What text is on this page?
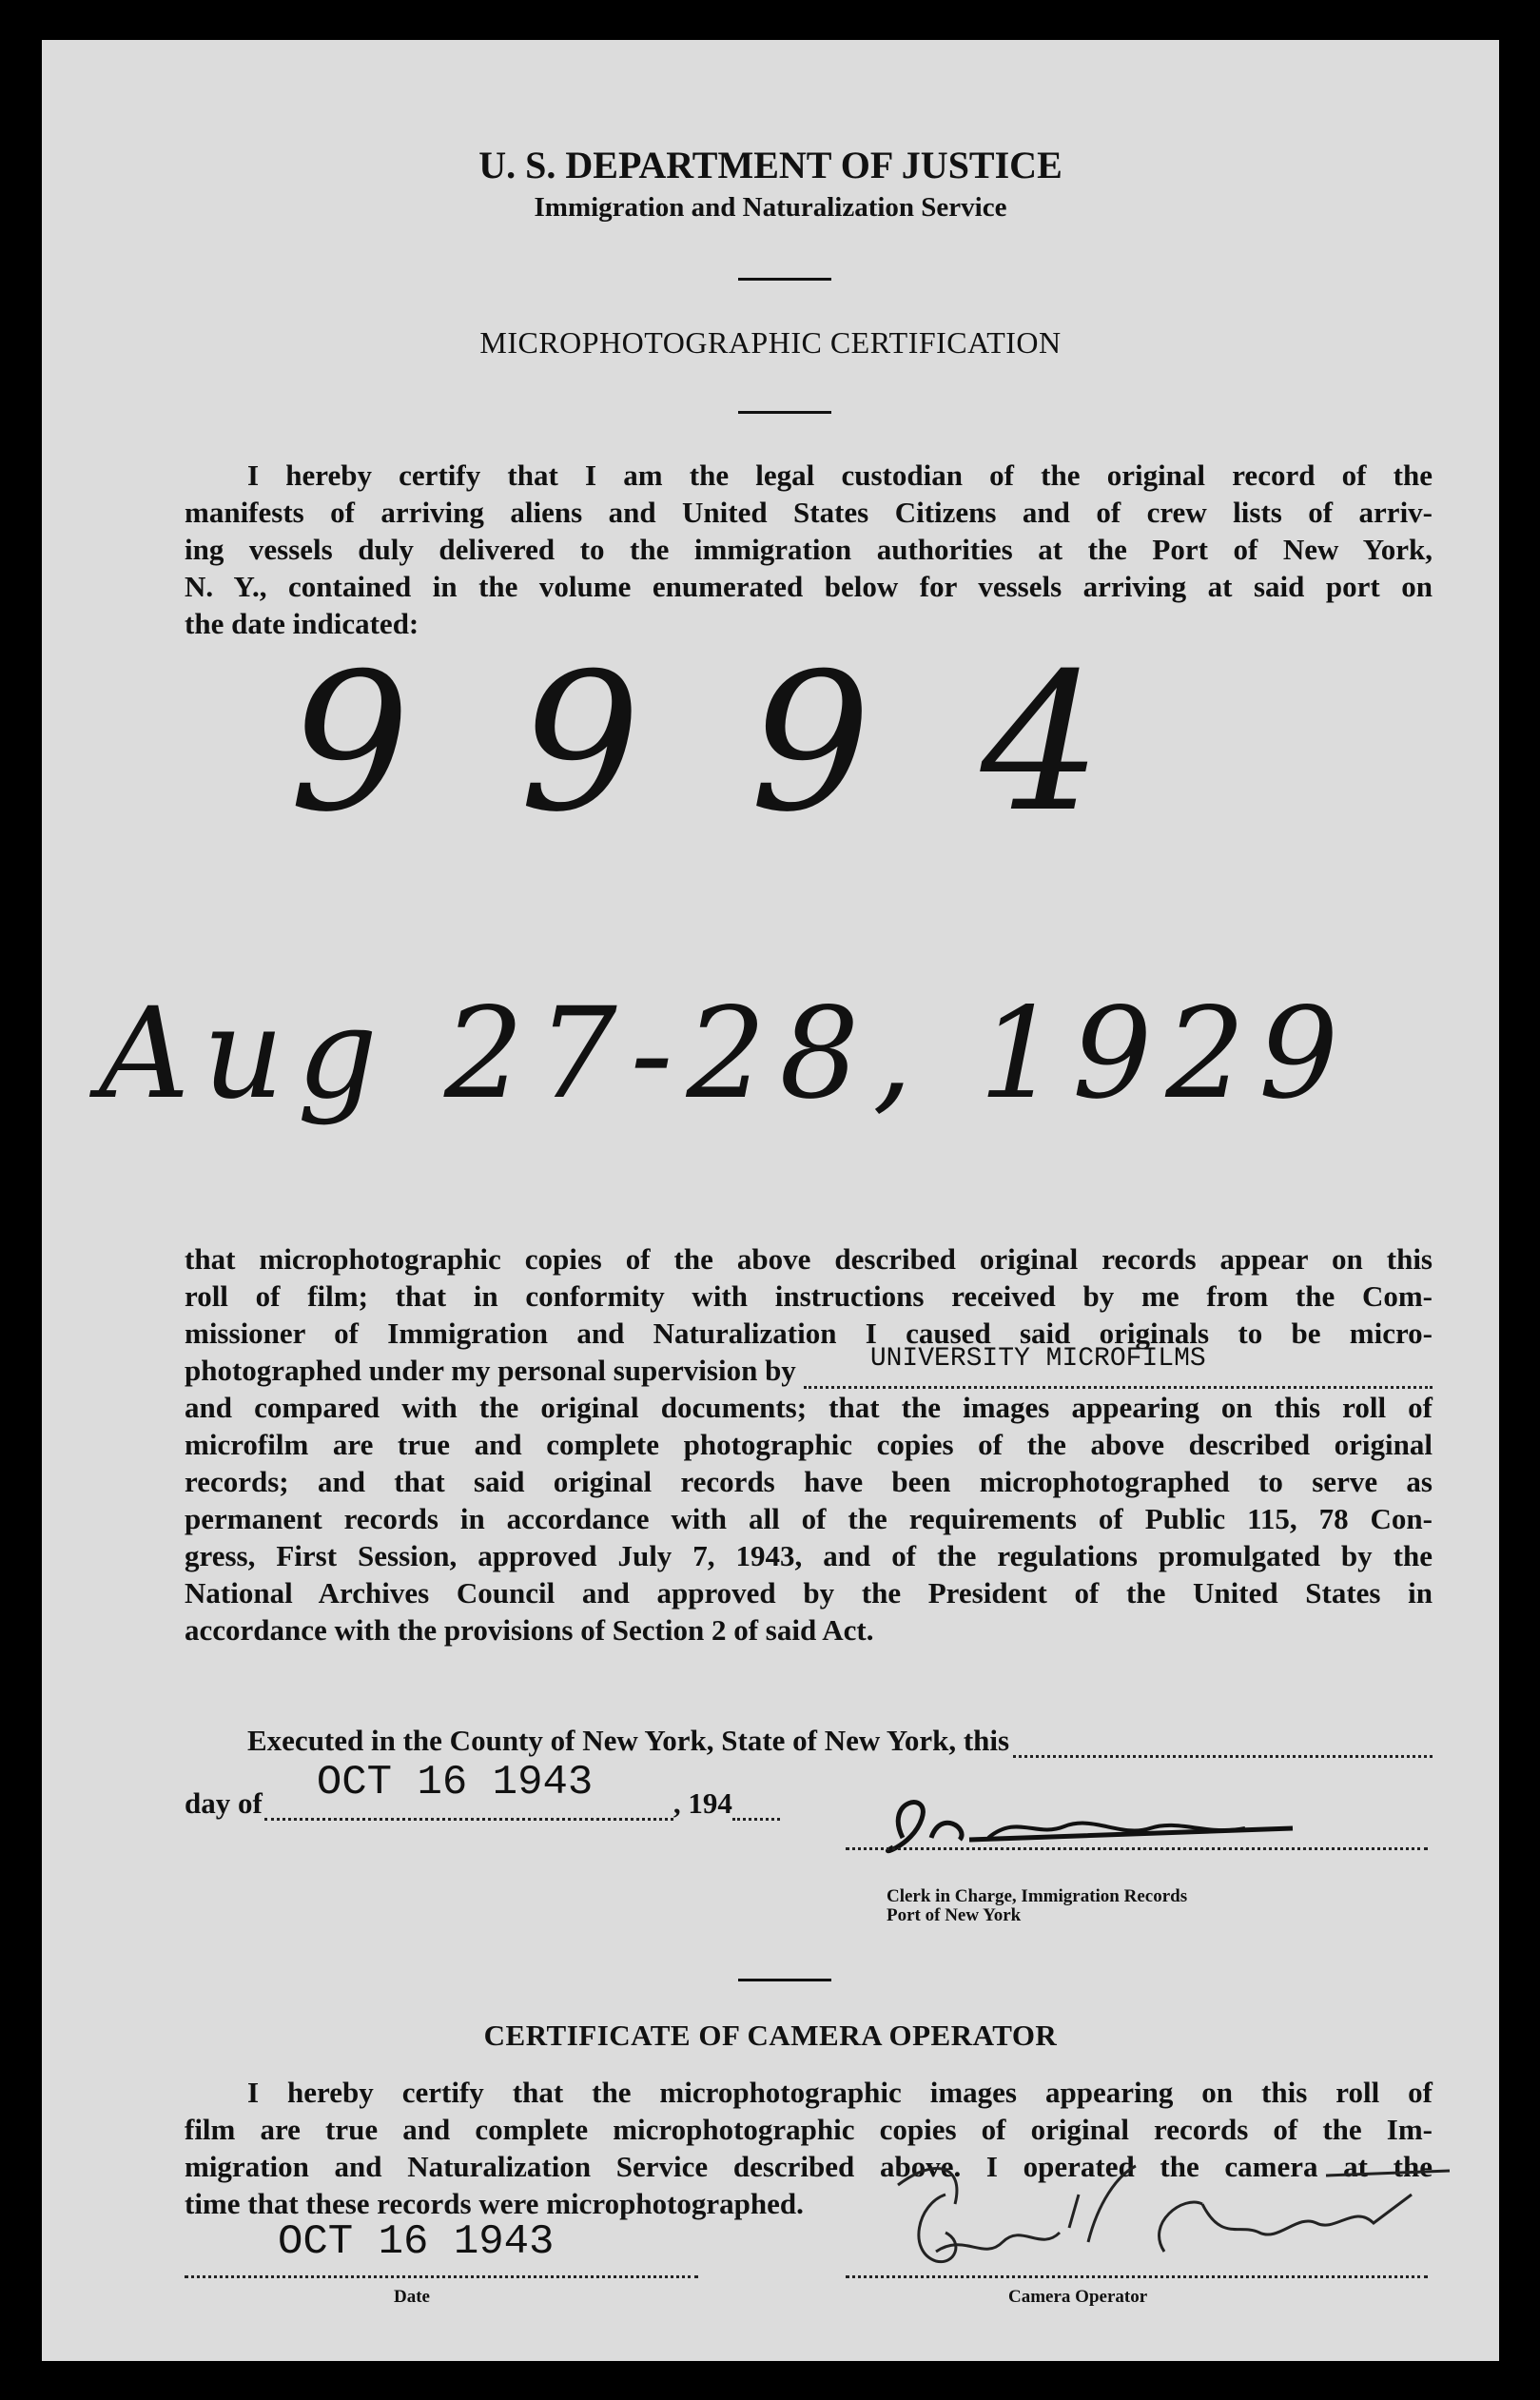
U. S. DEPARTMENT OF JUSTICE
Immigration and Naturalization Service
MICROPHOTOGRAPHIC CERTIFICATION
I hereby certify that I am the legal custodian of the original record of the
manifests of arriving aliens and United States Citizens and of crew lists of arriv-
ing vessels duly delivered to the immigration authorities at the Port of New York,
N. Y., contained in the volume enumerated below for vessels arriving at said port on
the date indicated:
9994
Aug 27-28, 1929
that microphotographic copies of the above described original records appear on this
roll of film; that in conformity with instructions received by me from the Com-
missioner of Immigration and Naturalization I caused said originals to be micro-
photographed under my personal supervision by	UNIVERSITY MICROFILMS
and compared with the original documents; that the images appearing on this roll of
microfilm are true and complete photographic copies of the above described original
records; and that said original records have been microphotographed to serve as
permanent records in accordance with all of the requirements of Public 115, 78 Con-
gress, First Session, approved July 7, 1943, and of the regulations promulgated by the
National Archives Council and approved by the President of the United States in
accordance with the provisions of Section 2 of said Act.
Executed in the County of New York, State of New York, this
day of OCT 16 1943	, 194
Clerk in Charge, Immigration Records
Port of New York
CERTIFICATE OF CAMERA OPERATOR
I hereby certify that the microphotographic images appearing on this roll of
film are true and complete microphotographic copies of original records of the Im-
migration and Naturalization Service described above. I operated the camera at the
time that these records were microphotographed.
OCT 16 1943
Date	Camera Operator
